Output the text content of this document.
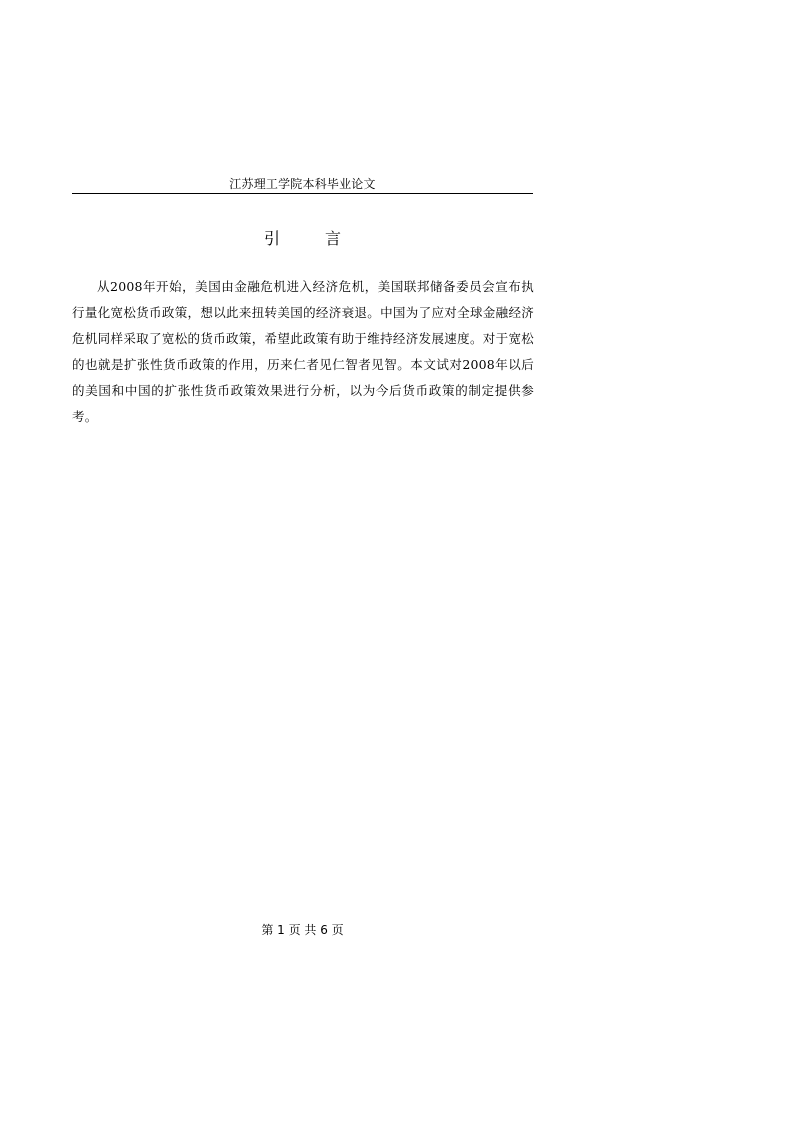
江苏理工学院本科毕业论文
引 言

从2008年开始，美国由金融危机进入经济危机，美国联邦储备委员会宣布执行量化宽松货币政策，想以此来扭转美国的经济衰退。中国为了应对全球金融经济危机同样采取了宽松的货币政策，希望此政策有助于维持经济发展速度。对于宽松的也就是扩张性货币政策的作用，历来仁者见仁智者见智。本文试对2008年以后的美国和中国的扩张性货币政策效果进行分析，以为今后货币政策的制定提供参考。

第 1 页 共 6 页
